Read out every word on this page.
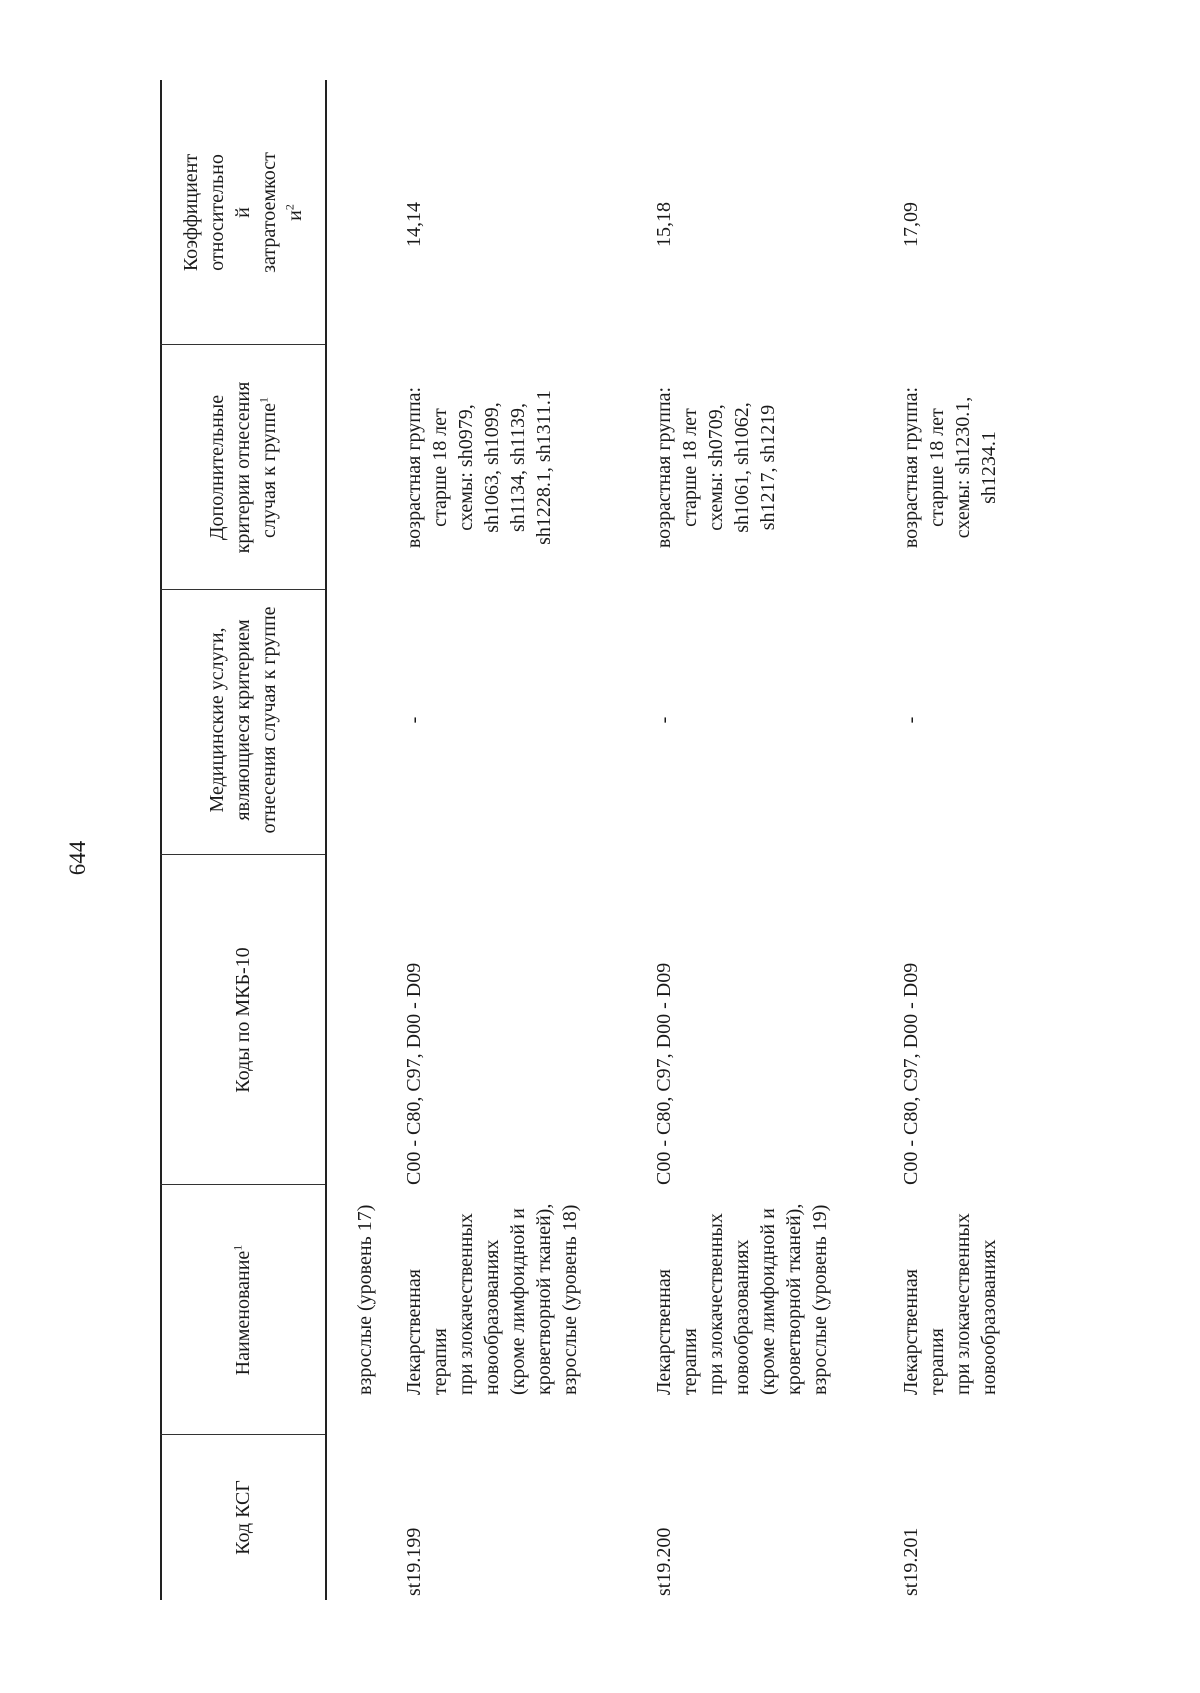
644
Код КСГ
Наименование$^1$
Коды по МКБ-10
Медицинские услуги, являющиеся критерием отнесения случая к группе
Дополнительные критерии отнесения случая к группе$^1$
Коэффициент относительно й затратоемкост $и^2$
взрослые (уровень 17)
st19.199
Лекарственная терапия при злокачественных новообразованиях (кроме лимфоидной и кроветворной тканей), взрослые (уровень 18)
C00 - C80, C97, D00 - D09
-
возрастная группа: старше 18 лет схемы: sh0979, sh1063, sh1099, sh1134, sh1139, sh1228.1, sh1311.1
14,14
st19.200
Лекарственная терапия при злокачественных новообразованиях (кроме лимфоидной и кроветворной тканей), взрослые (уровень 19)
C00 - C80, C97, D00 - D09
-
возрастная группа: старше 18 лет схемы: sh0709, sh1061, sh1062, sh1217, sh1219
15,18
st19.201
Лекарственная терапия при злокачественных новообразованиях
C00 - C80, C97, D00 - D09
-
возрастная группа: старше 18 лет схемы: sh1230.1, sh1234.1
17,09
